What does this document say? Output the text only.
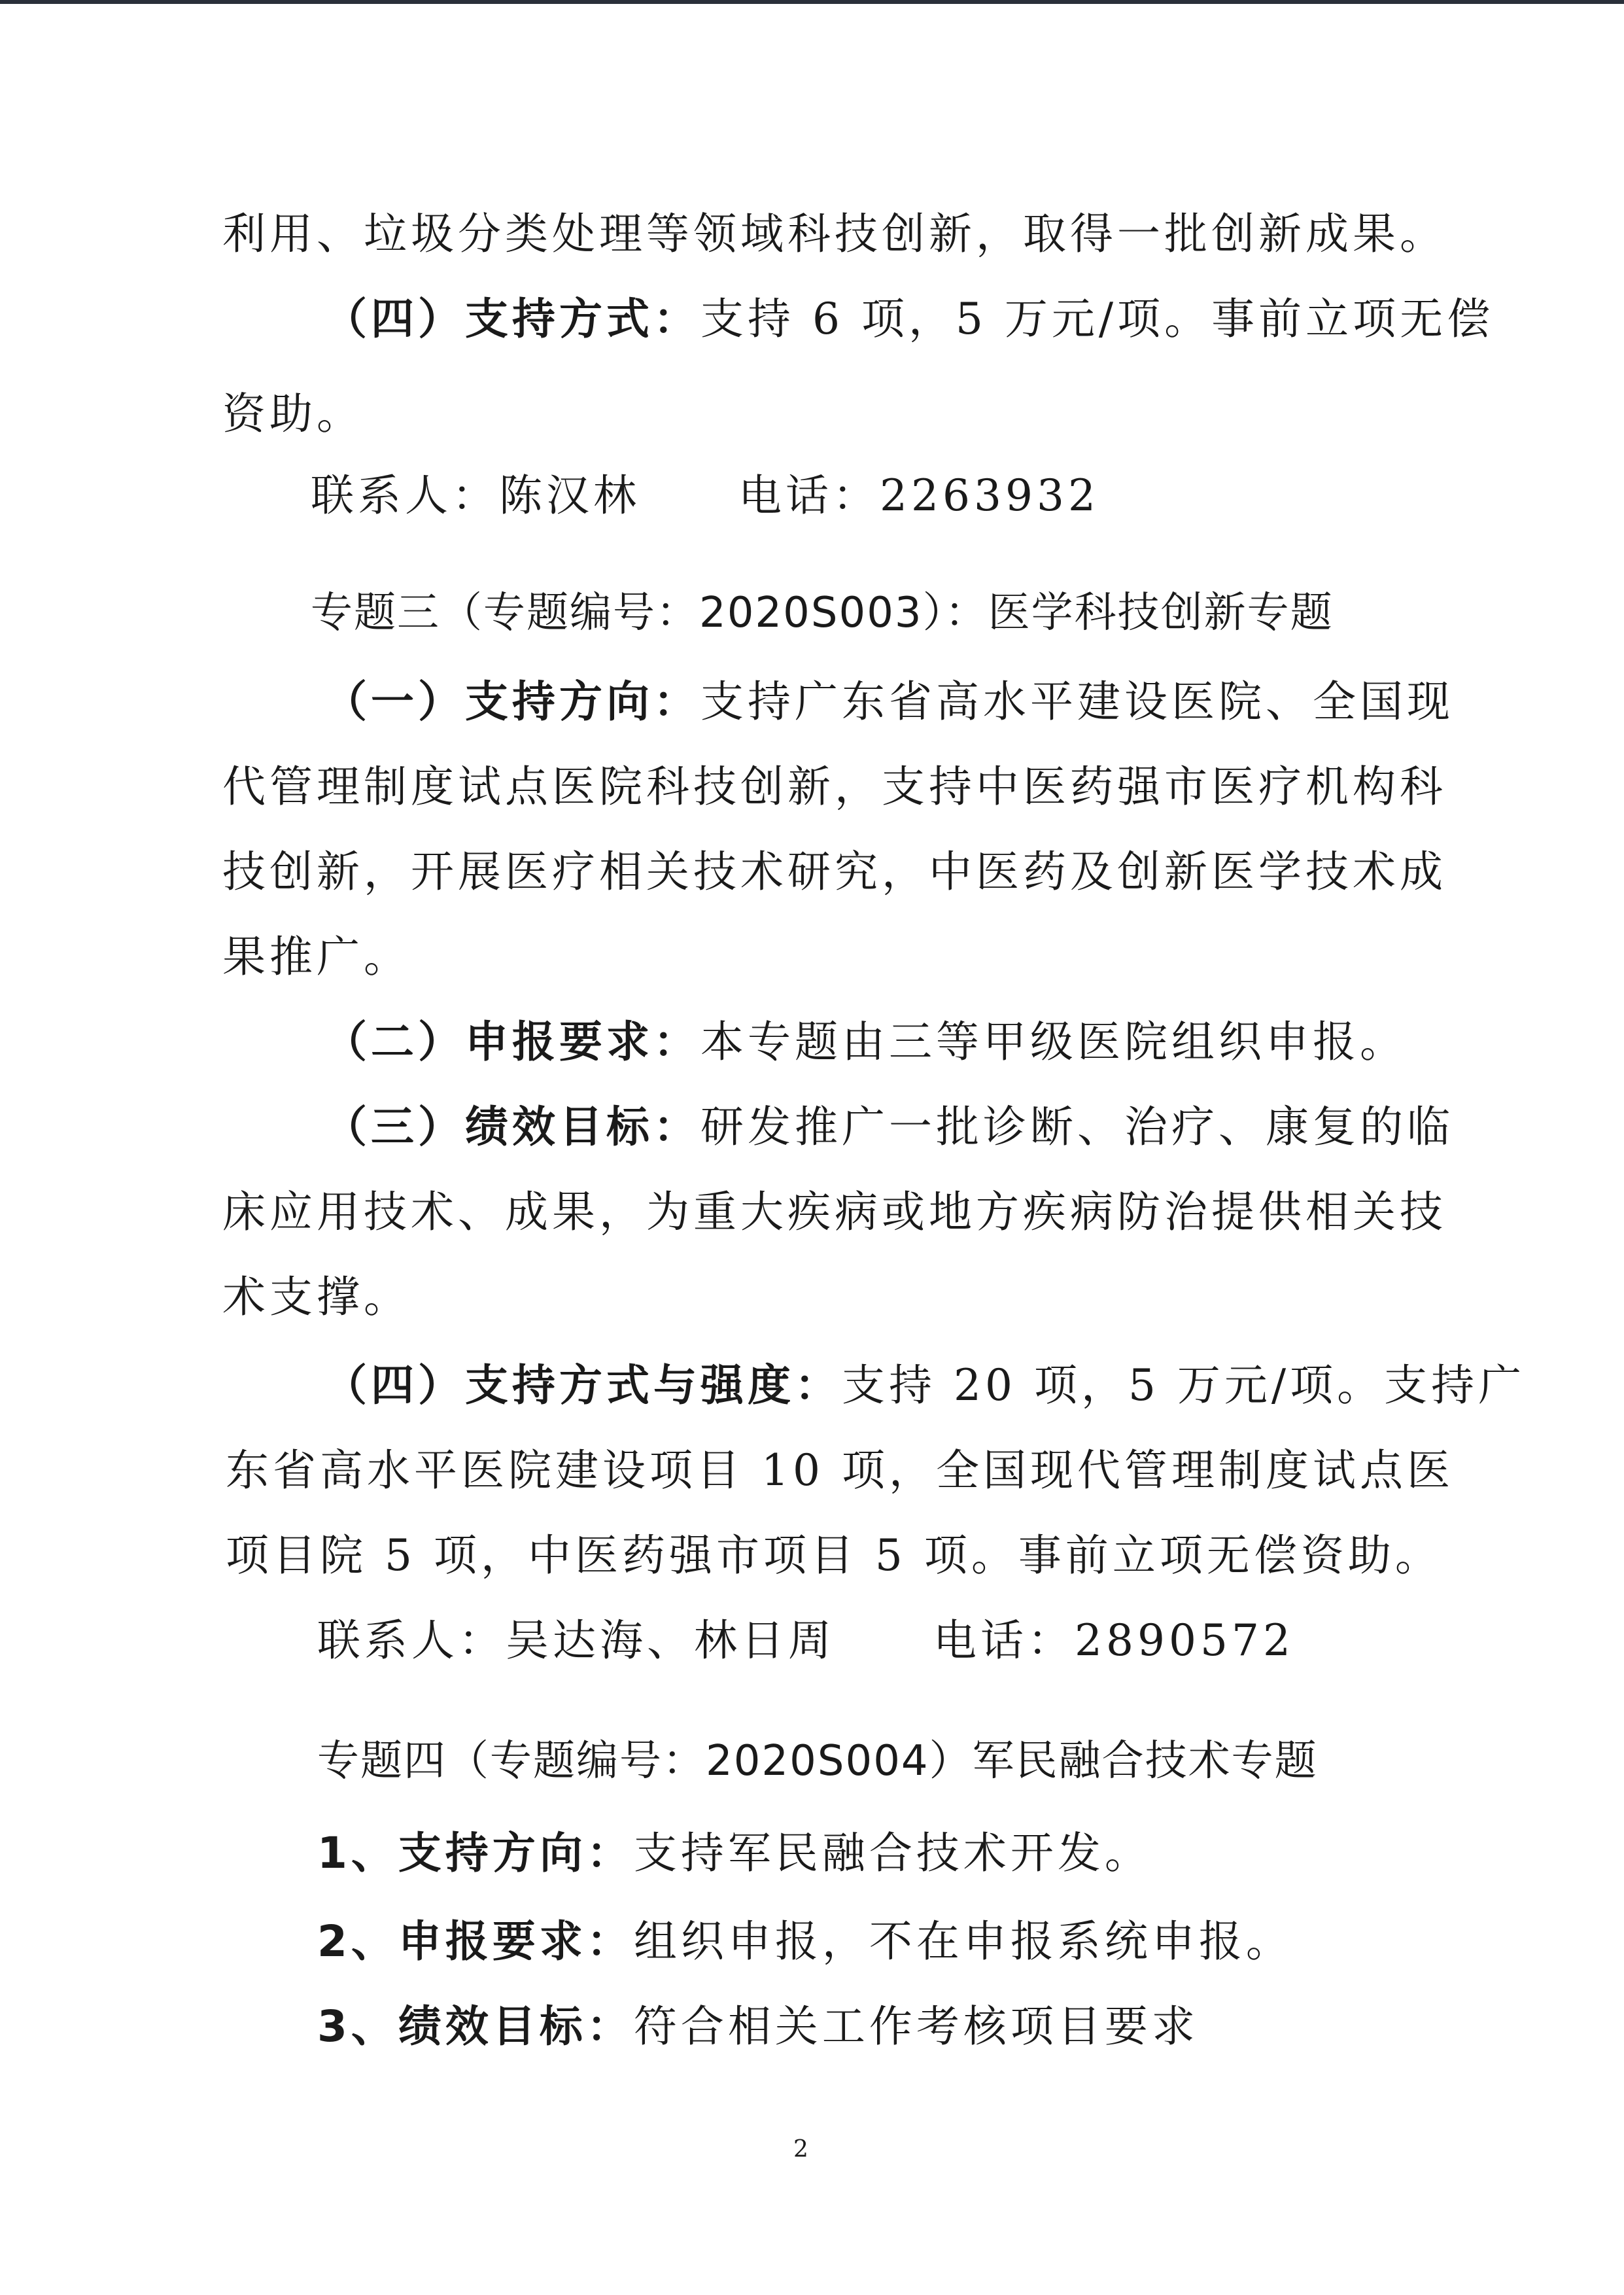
利用、垃圾分类处理等领域科技创新，取得一批创新成果。
（四）支持方式：支持 6 项，5 万元/项。事前立项无偿
资助。
联系人：陈汉林 电话：2263932
专题三（专题编号：2020S003）：医学科技创新专题
（一）支持方向：支持广东省高水平建设医院、全国现
代管理制度试点医院科技创新，支持中医药强市医疗机构科
技创新，开展医疗相关技术研究，中医药及创新医学技术成
果推广。
（二）申报要求：本专题由三等甲级医院组织申报。
（三）绩效目标：研发推广一批诊断、治疗、康复的临
床应用技术、成果，为重大疾病或地方疾病防治提供相关技
术支撑。
（四）支持方式与强度：支持 20 项，5 万元/项。支持广
东省高水平医院建设项目 10 项，全国现代管理制度试点医
项目院 5 项，中医药强市项目 5 项。事前立项无偿资助。
联系人：吴达海、林日周 电话：2890572
专题四（专题编号：2020S004）军民融合技术专题
1、支持方向：支持军民融合技术开发。
2、申报要求：组织申报，不在申报系统申报。
3、绩效目标：符合相关工作考核项目要求
2
